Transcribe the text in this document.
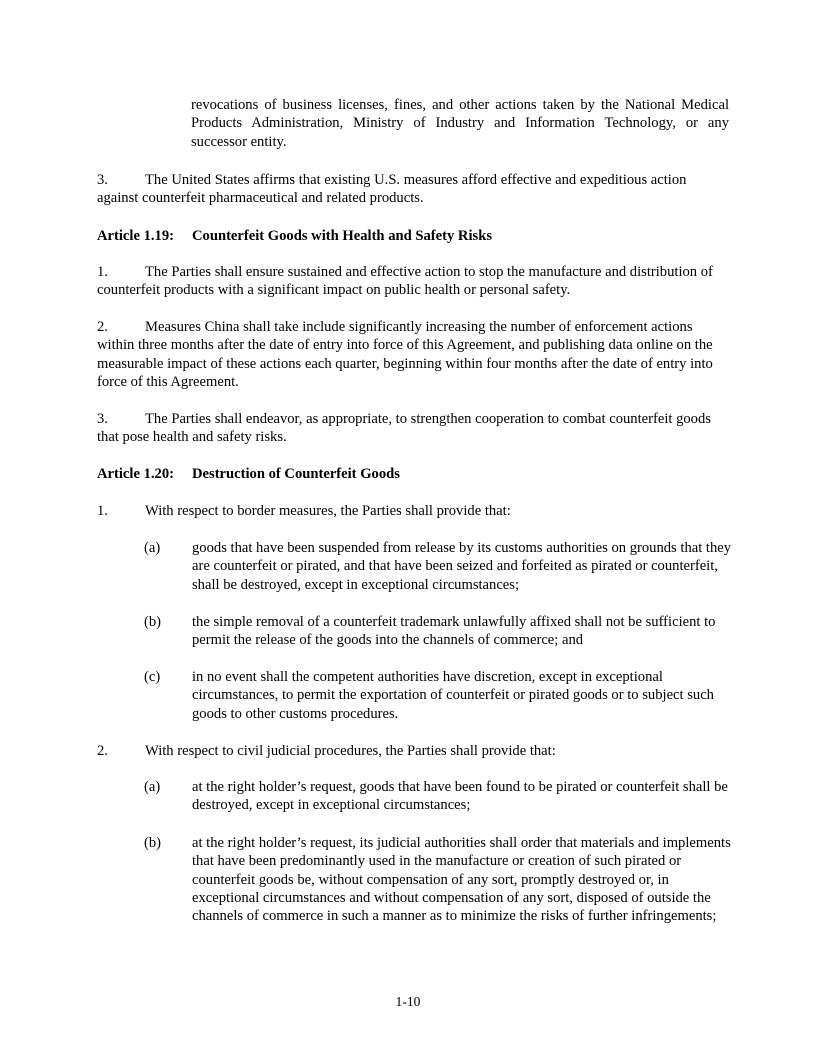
revocations of business licenses, fines, and other actions taken by the National Medical Products Administration, Ministry of Industry and Information Technology, or any successor entity.

3.	The United States affirms that existing U.S. measures afford effective and expeditious action against counterfeit pharmaceutical and related products.

Article 1.19: Counterfeit Goods with Health and Safety Risks

1.	The Parties shall ensure sustained and effective action to stop the manufacture and distribution of counterfeit products with a significant impact on public health or personal safety.

2.	Measures China shall take include significantly increasing the number of enforcement actions within three months after the date of entry into force of this Agreement, and publishing data online on the measurable impact of these actions each quarter, beginning within four months after the date of entry into force of this Agreement.

3.	The Parties shall endeavor, as appropriate, to strengthen cooperation to combat counterfeit goods that pose health and safety risks.

Article 1.20: Destruction of Counterfeit Goods

1.	With respect to border measures, the Parties shall provide that:

(a) goods that have been suspended from release by its customs authorities on grounds that they are counterfeit or pirated, and that have been seized and forfeited as pirated or counterfeit, shall be destroyed, except in exceptional circumstances;

(b) the simple removal of a counterfeit trademark unlawfully affixed shall not be sufficient to permit the release of the goods into the channels of commerce; and

(c) in no event shall the competent authorities have discretion, except in exceptional circumstances, to permit the exportation of counterfeit or pirated goods or to subject such goods to other customs procedures.

2.	With respect to civil judicial procedures, the Parties shall provide that:

(a) at the right holder’s request, goods that have been found to be pirated or counterfeit shall be destroyed, except in exceptional circumstances;

(b) at the right holder’s request, its judicial authorities shall order that materials and implements that have been predominantly used in the manufacture or creation of such pirated or counterfeit goods be, without compensation of any sort, promptly destroyed or, in exceptional circumstances and without compensation of any sort, disposed of outside the channels of commerce in such a manner as to minimize the risks of further infringements;

1-10
